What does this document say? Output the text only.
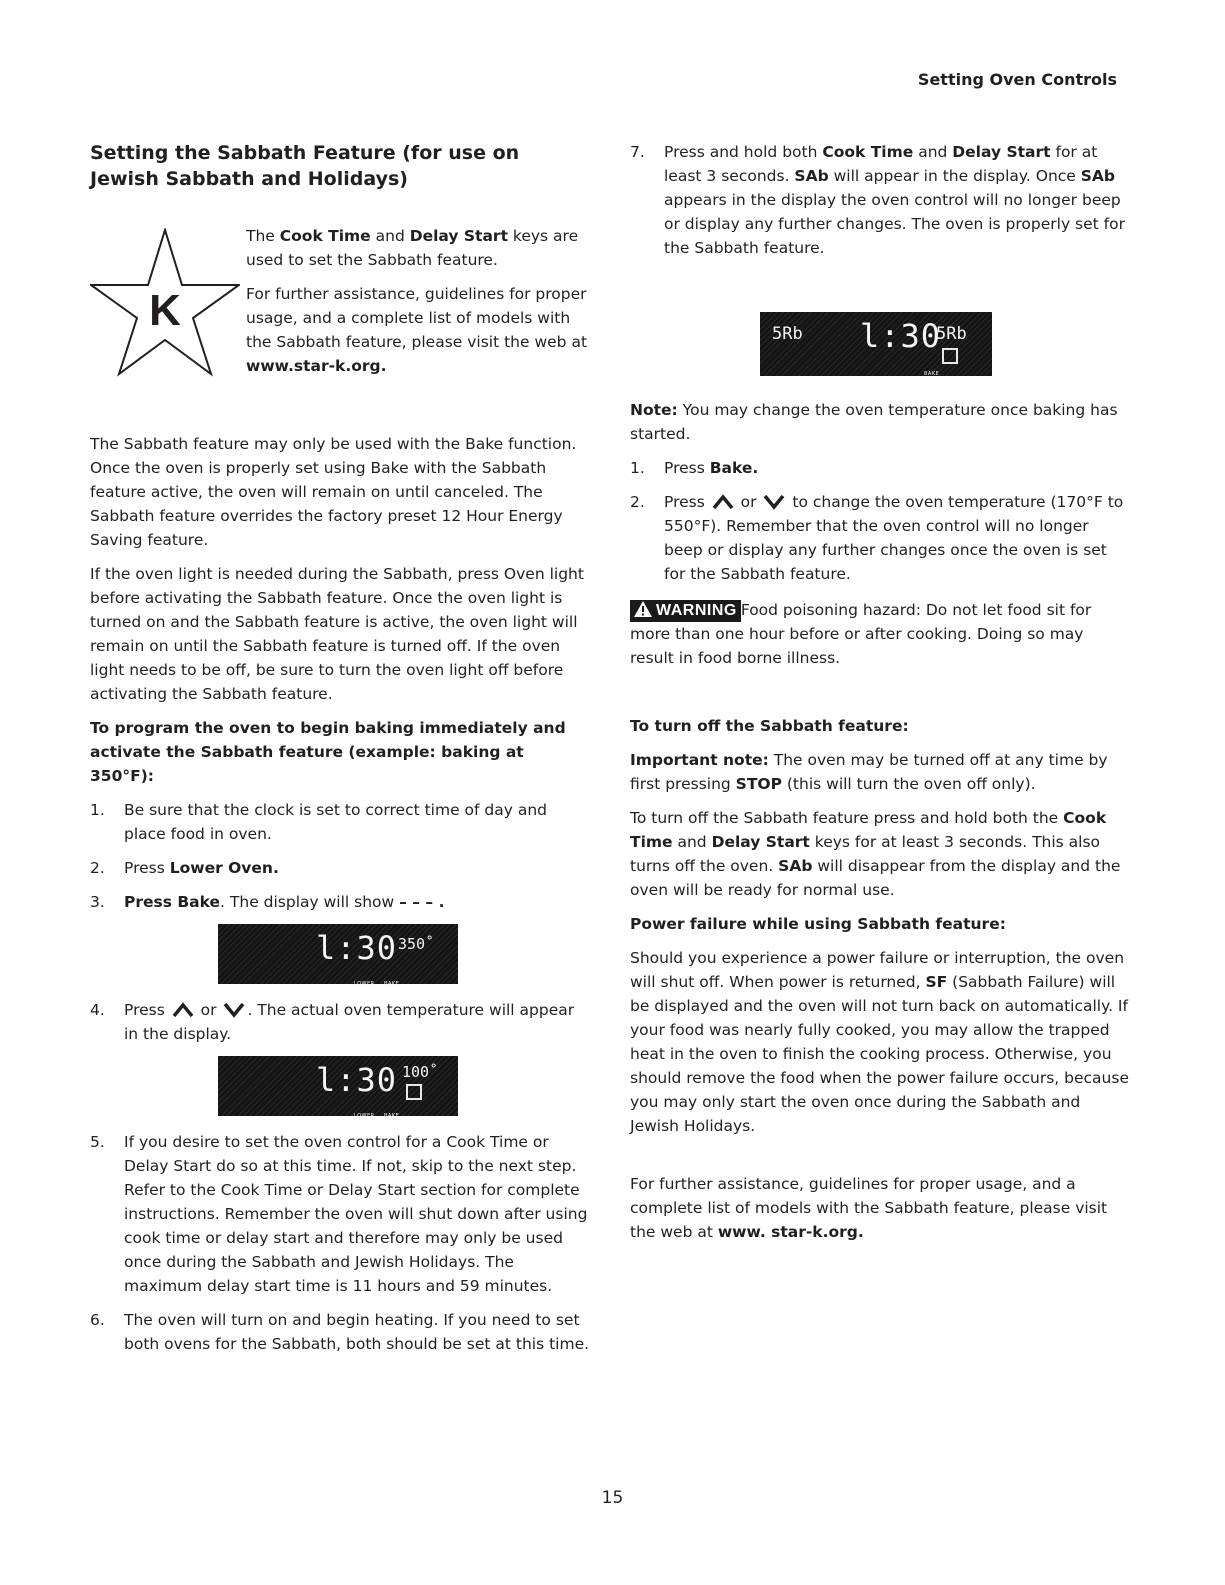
Setting Oven Controls
Setting the Sabbath Feature (for use on Jewish Sabbath and Holidays)
K

The Cook Time and Delay Start keys are used to set the Sabbath feature.

For further assistance, guidelines for proper usage, and a complete list of models with the Sabbath feature, please visit the web at
www.star-k.org.

The Sabbath feature may only be used with the Bake function. Once the oven is properly set using Bake with the Sabbath feature active, the oven will remain on until canceled. The Sabbath feature overrides the factory preset 12 Hour Energy Saving feature.

If the oven light is needed during the Sabbath, press Oven light before activating the Sabbath feature. Once the oven light is turned on and the Sabbath feature is active, the oven light will remain on until the Sabbath feature is turned off. If the oven light needs to be off, be sure to turn the oven light off before activating the Sabbath feature.

To program the oven to begin baking immediately and activate the Sabbath feature (example: baking at 350°F):

1. Be sure that the clock is set to correct time of day and place food in oven.
2. Press Lower Oven.
3. Press Bake. The display will show – – – .
l:30 350˚
LOWER BAKE
4. Press  or . The actual oven temperature will appear in the display.
l:30 100˚
LOWER BAKE
5. If you desire to set the oven control for a Cook Time or Delay Start do so at this time. If not, skip to the next step. Refer to the Cook Time or Delay Start section for complete instructions. Remember the oven will shut down after using cook time or delay start and therefore may only be used once during the Sabbath and Jewish Holidays. The maximum delay start time is 11 hours and 59 minutes.
6. The oven will turn on and begin heating. If you need to set both ovens for the Sabbath, both should be set at this time.
7. Press and hold both Cook Time and Delay Start for at least 3 seconds. SAb will appear in the display. Once SAb appears in the display the oven control will no longer beep or display any further changes. The oven is properly set for the Sabbath feature.
5Rb l:30
5Rb
BAKE

Note: You may change the oven temperature once baking has started.

1. Press Bake.
2. Press  or  to change the oven temperature (170°F to 550°F). Remember that the oven control will no longer beep or display any further changes once the oven is set for the Sabbath feature.

WARNING Food poisoning hazard: Do not let food sit for more than one hour before or after cooking. Doing so may result in food borne illness.

To turn off the Sabbath feature:

Important note: The oven may be turned off at any time by first pressing STOP (this will turn the oven off only).

To turn off the Sabbath feature press and hold both the Cook Time and Delay Start keys for at least 3 seconds. This also turns off the oven. SAb will disappear from the display and the oven will be ready for normal use.

Power failure while using Sabbath feature:

Should you experience a power failure or interruption, the oven will shut off. When power is returned, SF (Sabbath Failure) will be displayed and the oven will not turn back on automatically. If your food was nearly fully cooked, you may allow the trapped heat in the oven to finish the cooking process. Otherwise, you should remove the food when the power failure occurs, because you may only start the oven once during the Sabbath and Jewish Holidays.

For further assistance, guidelines for proper usage, and a complete list of models with the Sabbath feature, please visit the web at www. star-k.org.

15
